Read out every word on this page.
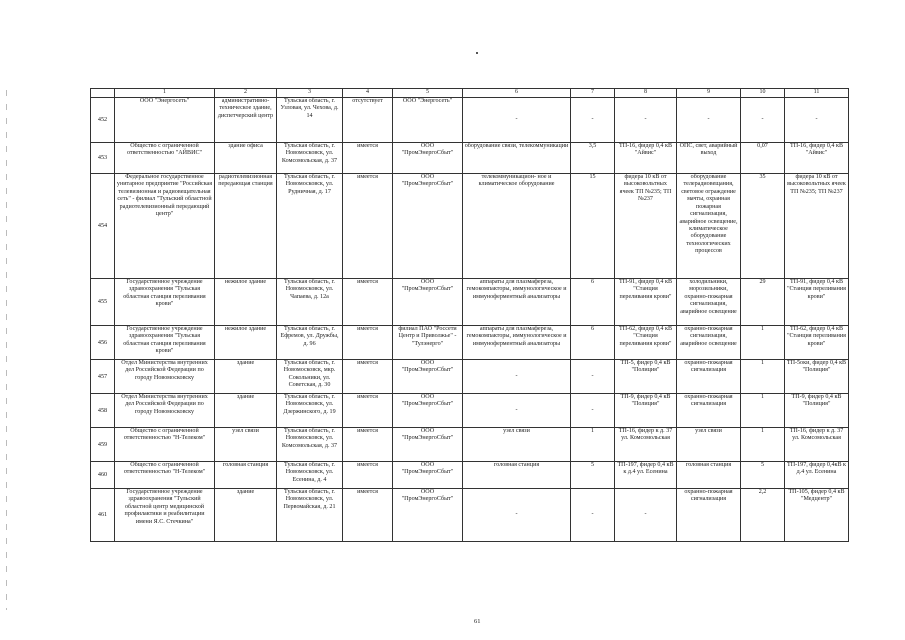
	1	2	3	4	5	6	7	8	9	10	11
452	ООО "Энергосеть"	административно-техническое здание, диспетчерский центр	Тульская область, г. Узловая, ул. Чехова, д. 14	отсутствует	ООО "Энергосеть"	-	-	-	-	-	-
453	Общество с ограниченной ответственностью "АЙВИС"	здание офиса	Тульская область, г. Новомосковск, ул. Комсомольская, д. 37	имеется	ООО "ПромЭнергоСбыт"	оборудование связи, телекоммуникации	3,5	ТП-16, фидер 0,4 кВ "Айвис"	ОПС, свет, аварийный выход	0,07	ТП-16, фидер 0,4 кВ "Айвис"
454	Федеральное государственное унитарное предприятие "Российская телевизионная и радиовещательная сеть" - филиал "Тульский областной радиотелевизионный передающий центр"	радиотелевизионная передающая станция	Тульская область, г. Новомосковск, ул. Рудничная, д. 17	имеется	ООО "ПромЭнергоСбыт"	телекоммуникацион- ное и климатическое оборудование	15	фидера 10 кВ от высоковольтных ячеек ТП №235; ТП №237	оборудование телерадиовещания, световое ограждение мачты, охранная пожарная сигнализация, аварийное освещение, климатическое оборудование технологических процессов	35	фидера 10 кВ от высоковольтных ячеек ТП №235; ТП №237
455	Государственное учреждение здравоохранения "Тульская областная станция переливания крови"	нежилое здание	Тульская область, г. Новомосковск, ул. Чапаева, д. 12а	имеется	ООО "ПромЭнергоСбыт"	аппараты для плазмафереза, гемокомпакторы, иммунологическое и иммуноферментный анализаторы	6	ТП-91, фидер 0,4 кВ "Станция переливания крови"	холодильники, морозильники, охранно-пожарная сигнализация, аварийное освещение	29	ТП-91, фидер 0,4 кВ "Станция переливания крови"
456	Государственное учреждение здравоохранения "Тульская областная станция переливания крови"	нежилое здание	Тульская область, г. Ефремов, ул. Дружбы, д. 96	имеется	филиал ПАО "Россети Центр и Приволжье" - "Тулэнерго"	аппараты для плазмафереза, гемокомпакторы, иммунологическое и иммуноферментный анализаторы	6	ТП-62, фидер 0,4 кВ "Станция переливания крови"	охранно-пожарная сигнализация, аварийное освещение	1	ТП-62, фидер 0,4 кВ "Станция переливания крови"
457	Отдел Министерства внутренних дел Российской Федерации по городу Новомосковску	здание	Тульская область, г. Новомосковск, мкр. Сокольники, ул. Советская, д. 30	имеется	ООО "ПромЭнергоСбыт"	-	-	ТП-5, фидер 0,4 кВ "Полиция"	охранно-пожарная сигнализация	1	ТП-5оки, фидер 0,4 кВ "Полиция"
458	Отдел Министерства внутренних дел Российской Федерации по городу Новомосковску	здание	Тульская область, г. Новомосковск, ул. Дзержинского, д. 19	имеется	ООО "ПромЭнергоСбыт"	-	-	ТП-9, фидер 0,4 кВ "Полиция"	охранно-пожарная сигнализация	1	ТП-9, фидер 0,4 кВ "Полиция"
459	Общество с ограниченной ответственностью "Н-Телеком"	узел связи	Тульская область, г. Новомосковск, ул. Комсомольская, д. 37	имеется	ООО "ПромЭнергоСбыт"	узел связи	1	ТП-16, фидер к д. 37 ул. Комсомольская	узел связи	1	ТП-16, фидер к д. 37 ул. Комсомольская
460	Общество с ограниченной ответственностью "Н-Телеком"	головная станция	Тульская область, г. Новомосковск, ул. Есенина, д. 4	имеется	ООО "ПромЭнергоСбыт"	головная станция	5	ТП-197, фидер 0,4 кВ к д.4 ул. Есенина	головная станция	5	ТП-197, фидер 0,4кВ к д.4 ул. Есенина
461	Государственное учреждение здравоохранения "Тульский областной центр медицинской профилактики и реабилитации имени Я.С. Стечкина"	здание	Тульская область, г. Новомосковск, ул. Первомайская, д. 21	имеется	ООО "ПромЭнергоСбыт"	-	-	-	охранно-пожарная сигнализация	2,2	ТП-105, фидер 0,4 кВ "Медцентр"
61
